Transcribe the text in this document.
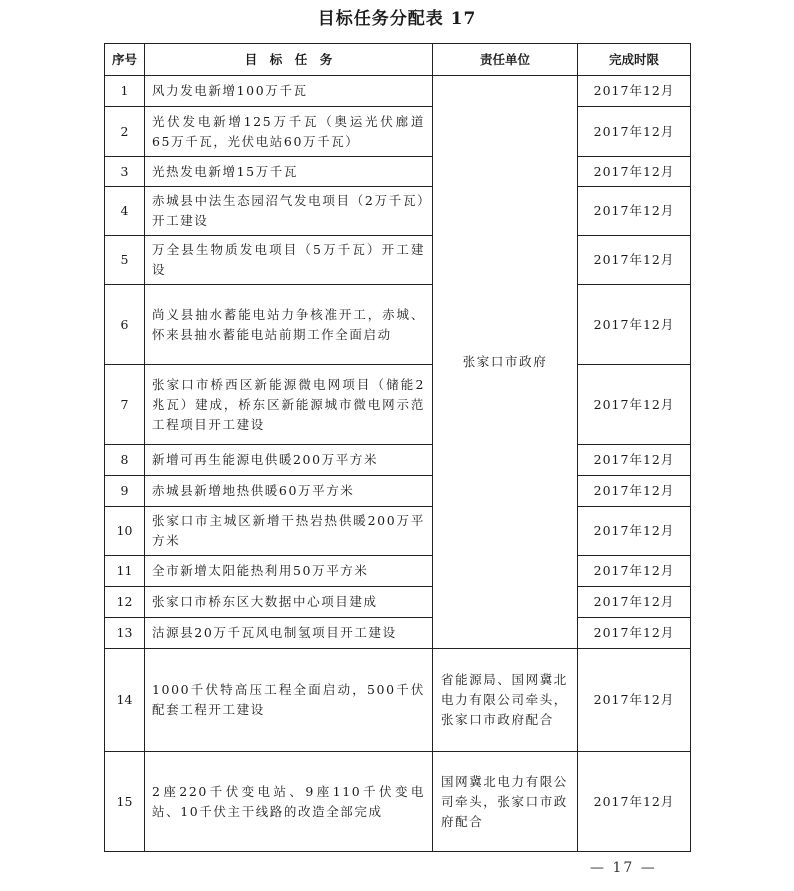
目标任务分配表 17
序号	目　标　任　务	责任单位	完成时限
1	风力发电新增100万千瓦	张家口市政府	2017年12月
2	光伏发电新增125万千瓦（奥运光伏廊道65万千瓦，光伏电站60万千瓦）		2017年12月
3	光热发电新增15万千瓦		2017年12月
4	赤城县中法生态园沼气发电项目（2万千瓦）开工建设		2017年12月
5	万全县生物质发电项目（5万千瓦）开工建设		2017年12月
6	尚义县抽水蓄能电站力争核准开工，赤城、怀来县抽水蓄能电站前期工作全面启动		2017年12月
7	张家口市桥西区新能源微电网项目（储能2兆瓦）建成，桥东区新能源城市微电网示范工程项目开工建设		2017年12月
8	新增可再生能源电供暖200万平方米		2017年12月
9	赤城县新增地热供暖60万平方米		2017年12月
10	张家口市主城区新增干热岩热供暖200万平方米		2017年12月
11	全市新增太阳能热利用50万平方米		2017年12月
12	张家口市桥东区大数据中心项目建成		2017年12月
13	沽源县20万千瓦风电制氢项目开工建设		2017年12月
14	1000千伏特高压工程全面启动，500千伏配套工程开工建设	省能源局、国网冀北电力有限公司牵头，张家口市政府配合	2017年12月
15	2座220千伏变电站、9座110千伏变电站、10千伏主干线路的改造全部完成	国网冀北电力有限公司牵头，张家口市政府配合	2017年12月
— 17 —
